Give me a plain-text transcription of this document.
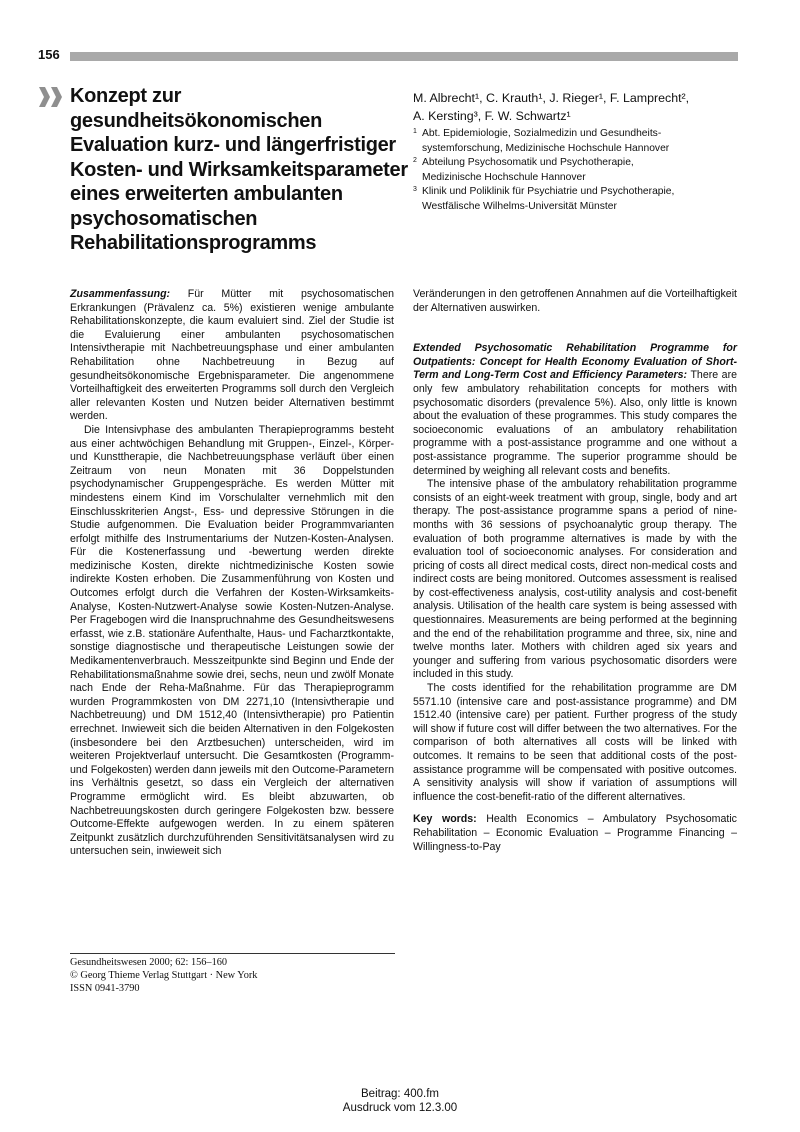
156
Konzept zur
gesundheitsökonomischen
Evaluation kurz- und längerfristiger
Kosten- und Wirksamkeitsparameter
eines erweiterten ambulanten
psychosomatischen
Rehabilitationsprogramms
M. Albrecht¹, C. Krauth¹, J. Rieger¹, F. Lamprecht²,
A. Kersting³, F. W. Schwartz¹
1 Abt. Epidemiologie, Sozialmedizin und Gesundheits-
systemforschung, Medizinische Hochschule Hannover
2 Abteilung Psychosomatik und Psychotherapie,
Medizinische Hochschule Hannover
3 Klinik und Poliklinik für Psychiatrie und Psychotherapie,
Westfälische Wilhelms-Universität Münster

Zusammenfassung: Für Mütter mit psychosomatischen Erkrankungen (Prävalenz ca. 5%) existieren wenige ambulante Rehabilitationskonzepte, die kaum evaluiert sind. Ziel der Studie ist die Evaluierung einer ambulanten psychosomatischen Intensivtherapie mit Nachbetreuungsphase und einer ambulanten Rehabilitation ohne Nachbetreuung in Bezug auf gesundheitsökonomische Ergebnisparameter. Die angenommene Vorteilhaftigkeit des erweiterten Programms soll durch den Vergleich aller relevanten Kosten und Nutzen beider Alternativen bestimmt werden.

Die Intensivphase des ambulanten Therapieprogramms besteht aus einer achtwöchigen Behandlung mit Gruppen-, Einzel-, Körper- und Kunsttherapie, die Nachbetreuungsphase verläuft über einen Zeitraum von neun Monaten mit 36 Doppelstunden psychodynamischer Gruppengespräche. Es werden Mütter mit mindestens einem Kind im Vorschulalter vernehmlich mit den Einschlusskriterien Angst-, Ess- und depressive Störungen in die Studie aufgenommen. Die Evaluation beider Programmvarianten erfolgt mithilfe des Instrumentariums der Nutzen-Kosten-Analysen. Für die Kostenerfassung und -bewertung werden direkte medizinische Kosten, direkte nichtmedizinische Kosten sowie indirekte Kosten erhoben. Die Zusammenführung von Kosten und Outcomes erfolgt durch die Verfahren der Kosten-Wirksamkeits-Analyse, Kosten-Nutzwert-Analyse sowie Kosten-Nutzen-Analyse. Per Fragebogen wird die Inanspruchnahme des Gesundheitswesens erfasst, wie z.B. stationäre Aufenthalte, Haus- und Facharztkontakte, sonstige diagnostische und therapeutische Leistungen sowie der Medikamentenverbrauch. Messzeitpunkte sind Beginn und Ende der Rehabilitationsmaßnahme sowie drei, sechs, neun und zwölf Monate nach Ende der Reha-Maßnahme. Für das Therapieprogramm wurden Programmkosten von DM 2271,10 (Intensivtherapie und Nachbetreuung) und DM 1512,40 (Intensivtherapie) pro Patientin errechnet. Inwieweit sich die beiden Alternativen in den Folgekosten (insbesondere bei den Arztbesuchen) unterscheiden, wird im weiteren Projektverlauf untersucht. Die Gesamtkosten (Programm- und Folgekosten) werden dann jeweils mit den Outcome-Parametern ins Verhältnis gesetzt, so dass ein Vergleich der alternativen Programme ermöglicht wird. Es bleibt abzuwarten, ob Nachbetreuungskosten durch geringere Folgekosten bzw. bessere Outcome-Effekte aufgewogen werden. In zu einem späteren Zeitpunkt zusätzlich durchzuführenden Sensitivitätsanalysen wird zu untersuchen sein, inwieweit sich

Veränderungen in den getroffenen Annahmen auf die Vorteilhaftigkeit der Alternativen auswirken.

Extended Psychosomatic Rehabilitation Programme for Outpatients: Concept for Health Economy Evaluation of Short-Term and Long-Term Cost and Efficiency Parameters: There are only few ambulatory rehabilitation concepts for mothers with psychosomatic disorders (prevalence 5%). Also, only little is known about the evaluation of these programmes. This study compares the socioeconomic evaluations of an ambulatory rehabilitation programme with a post-assistance programme and one without a post-assistance programme. The superior programme should be determined by weighing all relevant costs and benefits.

The intensive phase of the ambulatory rehabilitation programme consists of an eight-week treatment with group, single, body and art therapy. The post-assistance programme spans a period of nine-months with 36 sessions of psychoanalytic group therapy. The evaluation of both programme alternatives is made by with the evaluation tool of socioeconomic analyses. For consideration and pricing of costs all direct medical costs, direct non-medical costs and indirect costs are being monitored. Outcomes assessment is realised by cost-effectiveness analysis, cost-utility analysis and cost-benefit analysis. Utilisation of the health care system is being assessed with questionnaires. Measurements are being performed at the beginning and the end of the rehabilitation programme and three, six, nine and twelve months later. Mothers with children aged six years and younger and suffering from various psychosomatic disorders were included in this study.

The costs identified for the rehabilitation programme are DM 5571.10 (intensive care and post-assistance programme) and DM 1512.40 (intensive care) per patient. Further progress of the study will show if future cost will differ between the two alternatives. For the comparison of both alternatives all costs will be linked with outcomes. It remains to be seen that additional costs of the post-assistance programme will be compensated with positive outcomes. A sensitivity analysis will show if variation of assumptions will influence the cost-benefit-ratio of the different alternatives.

Key words: Health Economics – Ambulatory Psychosomatic Rehabilitation – Economic Evaluation – Programme Financing – Willingness-to-Pay

Gesundheitswesen 2000; 62: 156–160
© Georg Thieme Verlag Stuttgart · New York
ISSN 0941-3790
Beitrag: 400.fm
Ausdruck vom 12.3.00
